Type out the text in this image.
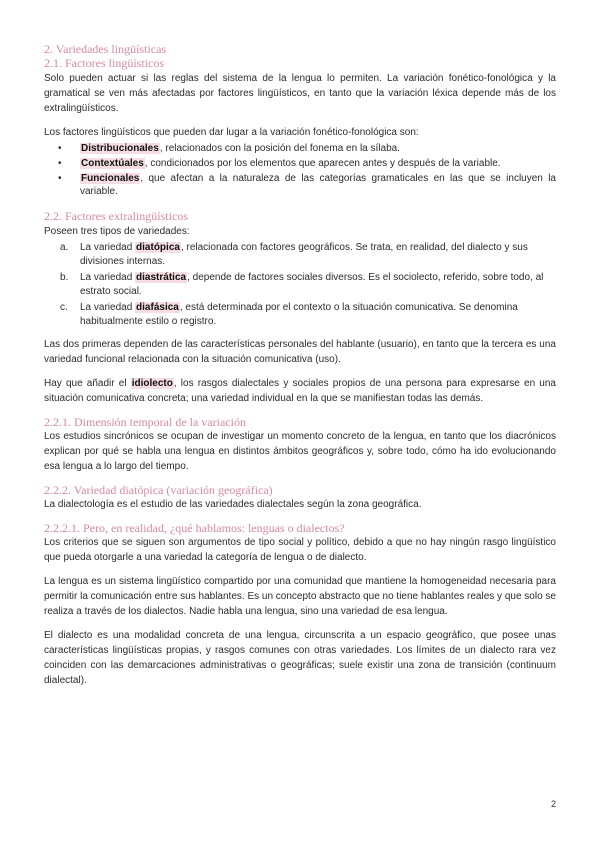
2. Variedades lingüísticas
2.1. Factores lingüísticos

Solo pueden actuar si las reglas del sistema de la lengua lo permiten. La variación fonético-fonológica y la gramatical se ven más afectadas por factores lingüísticos, en tanto que la variación léxica depende más de los extralingüísticos.

Los factores lingüísticos que pueden dar lugar a la variación fonético-fonológica son:

• Distribucionales, relacionados con la posición del fonema en la sílaba.
• Contextúales, condicionados por los elementos que aparecen antes y después de la variable.
• Funcionales, que afectan a la naturaleza de las categorías gramaticales en las que se incluyen la variable.
2.2. Factores extralingüísticos

Poseen tres tipos de variedades:

a. La variedad diatópica, relacionada con factores geográficos. Se trata, en realidad, del dialecto y sus divisiones internas.
b. La variedad diastrática, depende de factores sociales diversos. Es el sociolecto, referido, sobre todo, al estrato social.
c. La variedad diafásica, está determinada por el contexto o la situación comunicativa. Se denomina habitualmente estilo o registro.

Las dos primeras dependen de las características personales del hablante (usuario), en tanto que la tercera es una variedad funcional relacionada con la situación comunicativa (uso).

Hay que añadir el idiolecto, los rasgos dialectales y sociales propios de una persona para expresarse en una situación comunicativa concreta; una variedad individual en la que se manifiestan todas las demás.

2.2.1. Dimensión temporal de la variación

Los estudios sincrónicos se ocupan de investigar un momento concreto de la lengua, en tanto que los diacrónicos explican por qué se habla una lengua en distintos ámbitos geográficos y, sobre todo, cómo ha ido evolucionando esa lengua a lo largo del tiempo.

2.2.2. Variedad diatópica (variación geográfica)

La dialectología es el estudio de las variedades dialectales según la zona geográfica.

2.2.2.1. Pero, en realidad, ¿qué hablamos: lenguas o dialectos?

Los criterios que se siguen son argumentos de tipo social y político, debido a que no hay ningún rasgo lingüístico que pueda otorgarle a una variedad la categoría de lengua o de dialecto.

La lengua es un sistema lingüístico compartido por una comunidad que mantiene la homogeneidad necesaria para permitir la comunicación entre sus hablantes. Es un concepto abstracto que no tiene hablantes reales y que solo se realiza a través de los dialectos. Nadie habla una lengua, sino una variedad de esa lengua.

El dialecto es una modalidad concreta de una lengua, circunscrita a un espacio geográfico, que posee unas características lingüísticas propias, y rasgos comunes con otras variedades. Los límites de un dialecto rara vez coinciden con las demarcaciones administrativas o geográficas; suele existir una zona de transición (continuum dialectal).

2
